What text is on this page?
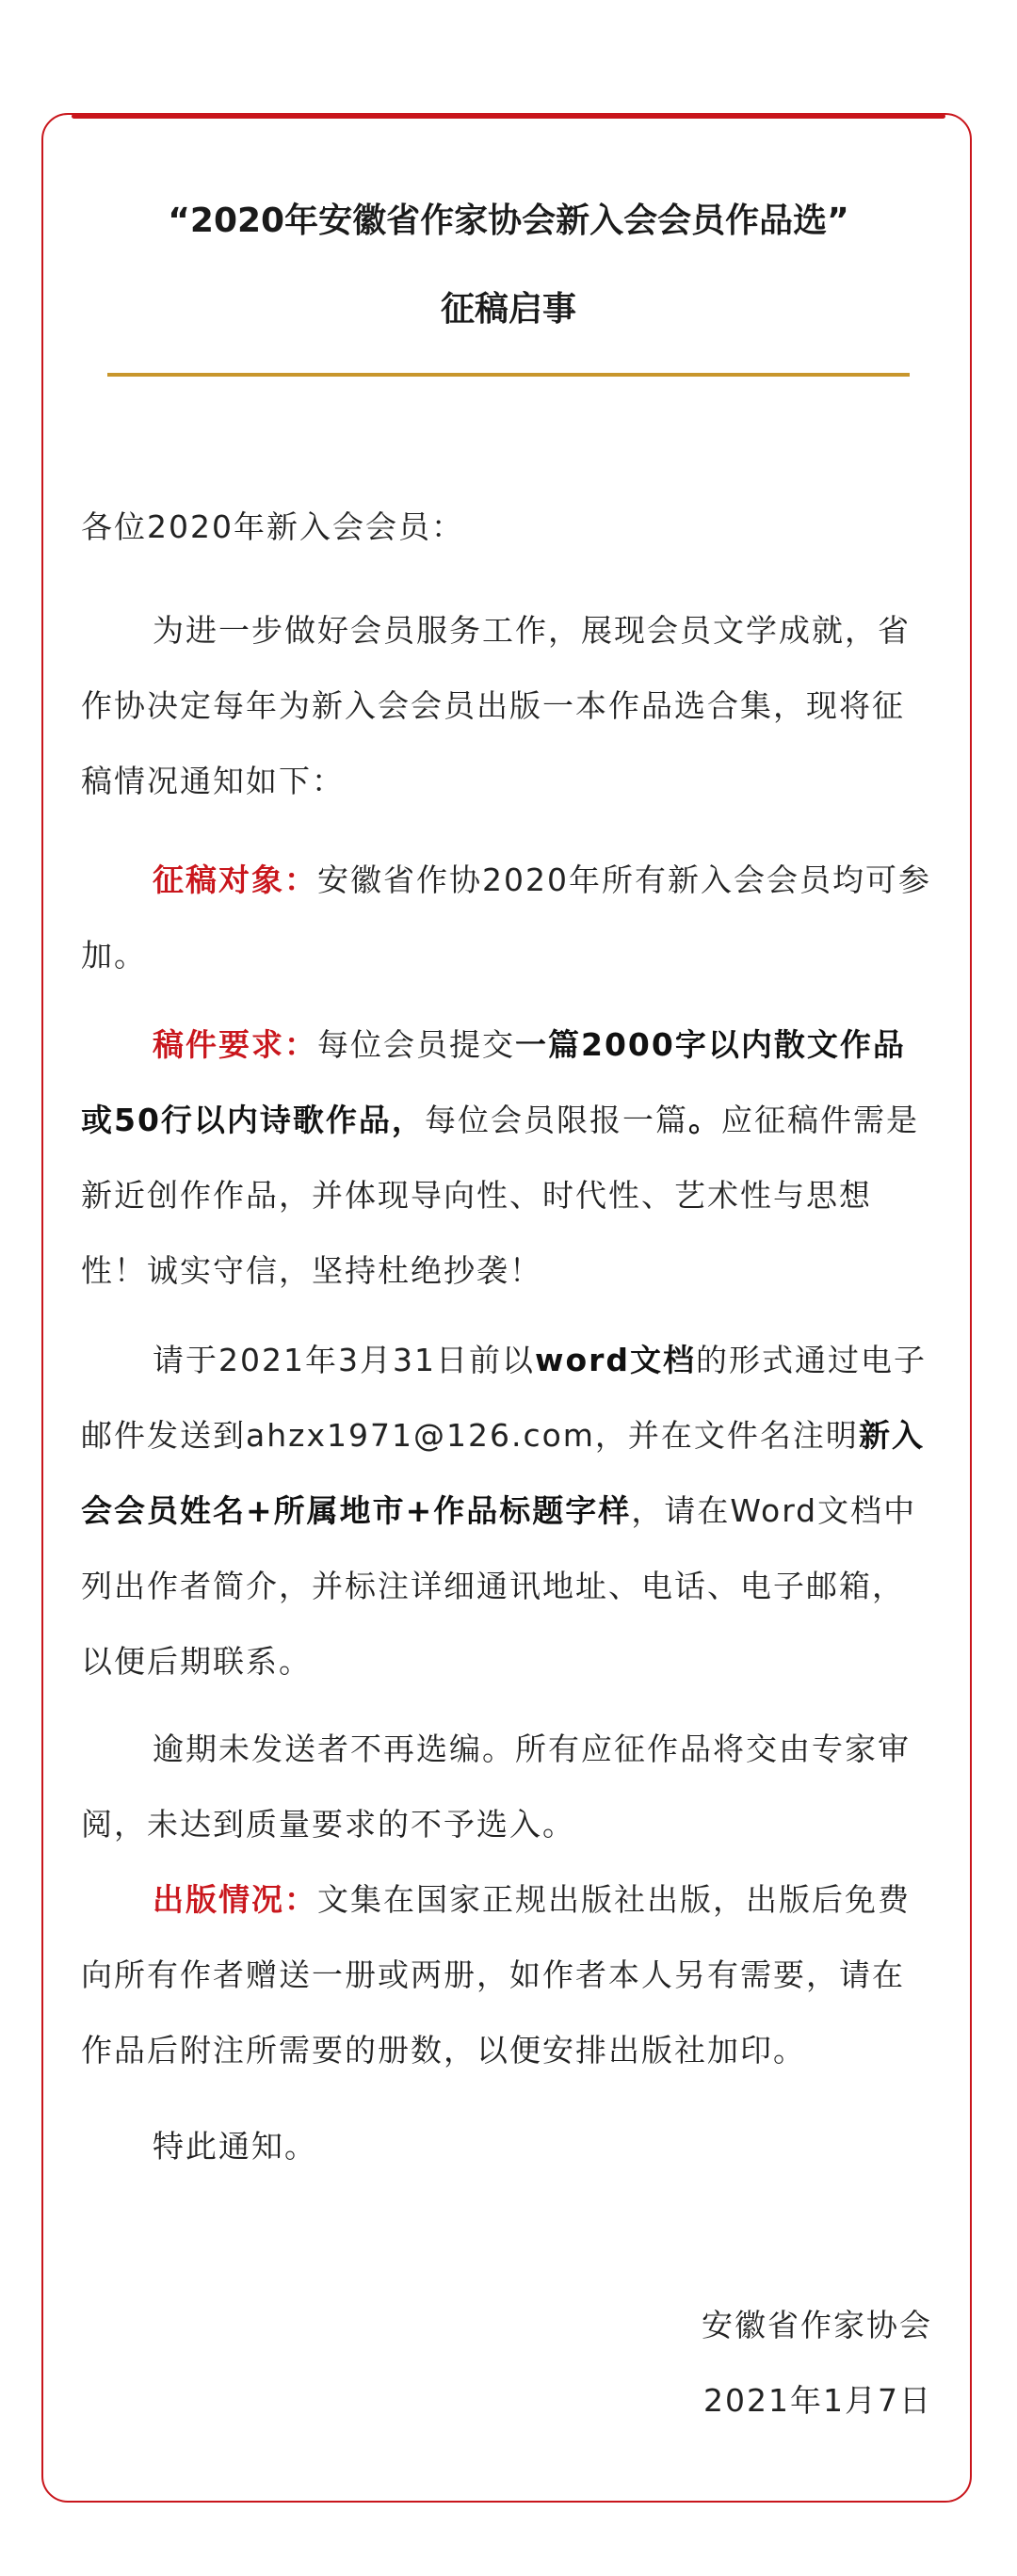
“2020年安徽省作家协会新入会会员作品选”
征稿启事

各位2020年新入会会员：

为进一步做好会员服务工作，展现会员文学成就，省作协决定每年为新入会会员出版一本作品选合集，现将征稿情况通知如下：

征稿对象：安徽省作协2020年所有新入会会员均可参加。

稿件要求：每位会员提交一篇2000字以内散文作品或50行以内诗歌作品，每位会员限报一篇。应征稿件需是新近创作作品，并体现导向性、时代性、艺术性与思想性！诚实守信，坚持杜绝抄袭！

请于2021年3月31日前以word文档的形式通过电子邮件发送到ahzx1971@126.com，并在文件名注明新入会会员姓名+所属地市+作品标题字样，请在Word文档中列出作者简介，并标注详细通讯地址、电话、电子邮箱，以便后期联系。

逾期未发送者不再选编。所有应征作品将交由专家审阅，未达到质量要求的不予选入。

出版情况：文集在国家正规出版社出版，出版后免费向所有作者赠送一册或两册，如作者本人另有需要，请在作品后附注所需要的册数，以便安排出版社加印。

特此通知。

安徽省作家协会
2021年1月7日
